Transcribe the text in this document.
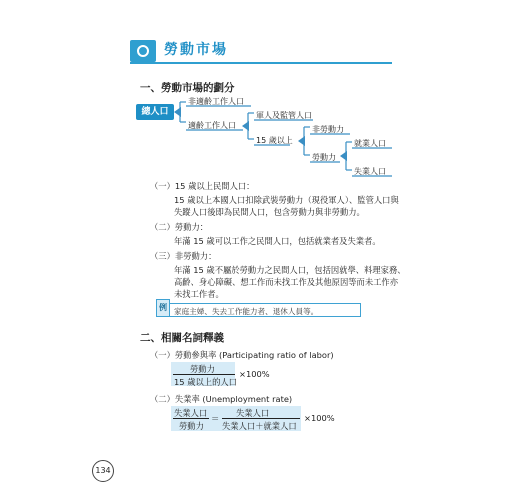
勞動市場
一、勞動市場的劃分
總人口
非適齡工作人口
適齡工作人口
軍人及監管人口
15 歲以上
非勞動力
勞動力
就業人口
失業人口
（一）15 歲以上民間人口：
15 歲以上本國人口扣除武裝勞動力（現役軍人）、監管人口與
失蹤人口後即為民間人口，包含勞動力與非勞動力。
（二）勞動力：
年滿 15 歲可以工作之民間人口，包括就業者及失業者。
（三）非勞動力：
年滿 15 歲不屬於勞動力之民間人口，包括因就學、料理家務、
高齡、身心障礙、想工作而未找工作及其他原因等而未工作亦
未找工作者。
例 家庭主婦、失去工作能力者、退休人員等。
二、相關名詞釋義
（一）勞動參與率 (Participating ratio of labor)
勞動力
15 歲以上的人口
×100%
（二）失業率 (Unemployment rate)
失業人口
勞動力
＝
失業人口
失業人口＋就業人口
×100%
134
